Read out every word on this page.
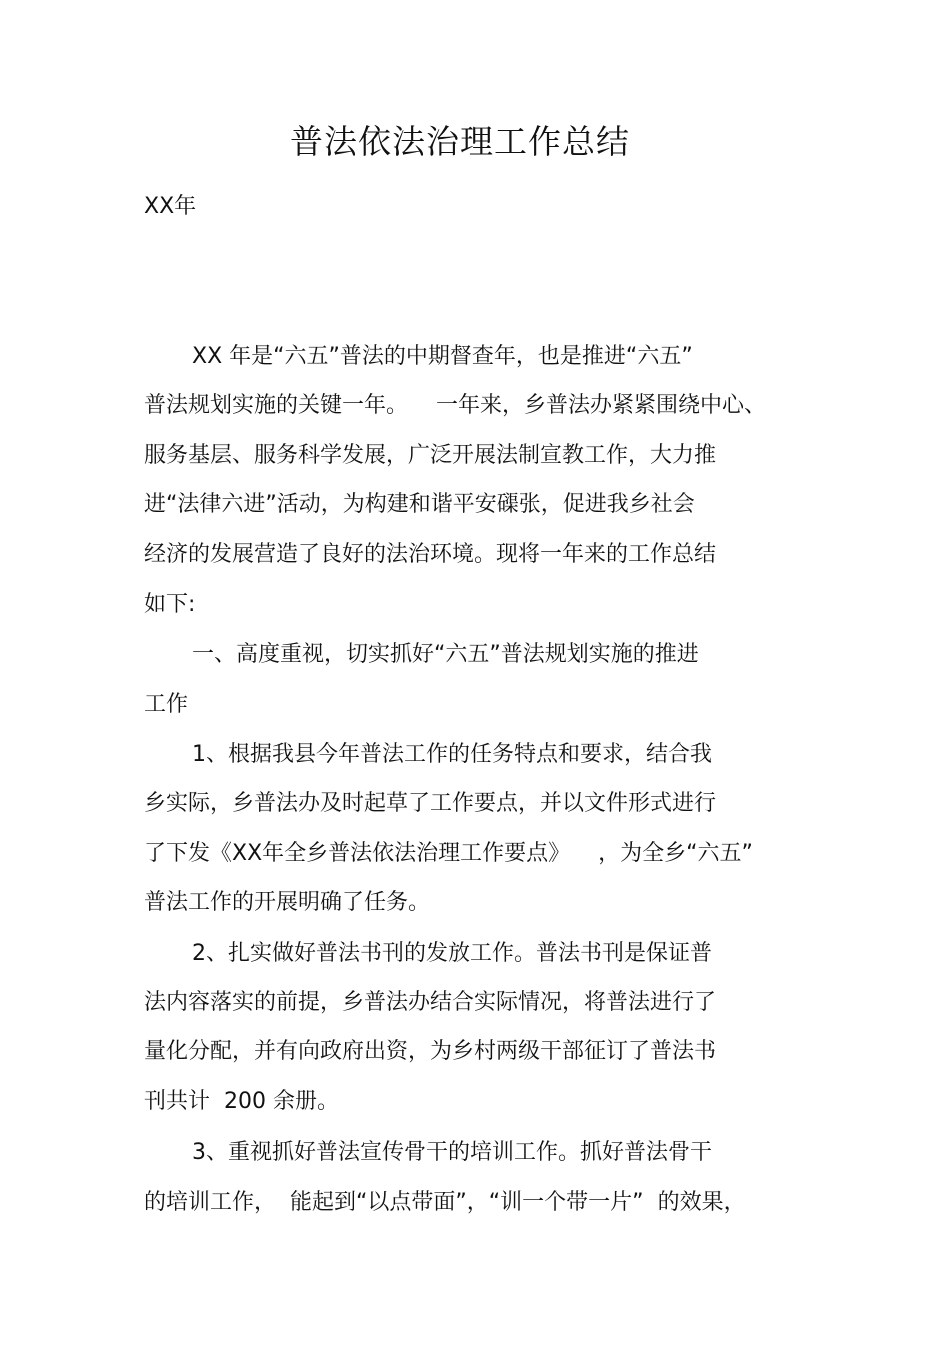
普法依法治理工作总结
XX年
XX 年是“六五”普法的中期督查年，也是推进“六五”
普法规划实施的关键一年。    一年来，乡普法办紧紧围绕中心、
服务基层、服务科学发展，广泛开展法制宣教工作，大力推
进“法律六进”活动，为构建和谐平安磲张，促进我乡社会
经济的发展营造了良好的法治环境。现将一年来的工作总结
如下:
一、高度重视，切实抓好“六五”普法规划实施的推进
工作
1、根据我县今年普法工作的任务特点和要求，结合我
乡实际，乡普法办及时起草了工作要点，并以文件形式进行
了下发《XX年全乡普法依法治理工作要点》    ，为全乡“六五”
普法工作的开展明确了任务。
2、扎实做好普法书刊的发放工作。普法书刊是保证普
法内容落实的前提，乡普法办结合实际情况，将普法进行了
量化分配，并有向政府出资，为乡村两级干部征订了普法书
刊共计  200 余册。
3、重视抓好普法宣传骨干的培训工作。抓好普法骨干
的培训工作，  能起到“以点带面”，“训一个带一片”  的效果，
